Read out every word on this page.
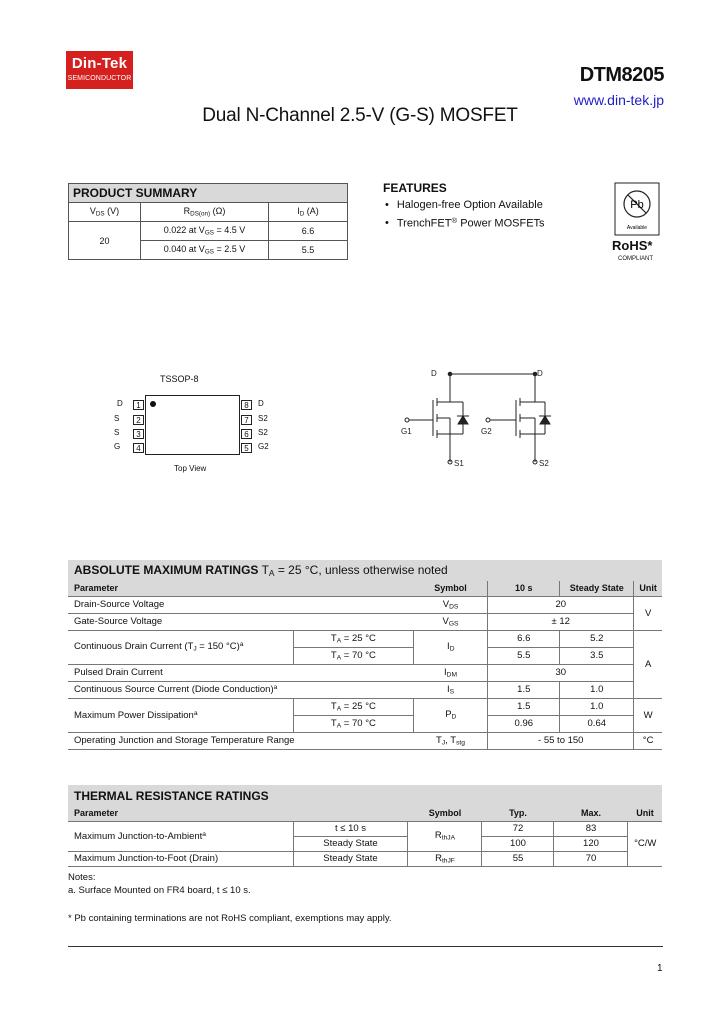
Din-Tek
SEMICONDUCTOR	DTM8205
www.din-tek.jp
Dual N-Channel 2.5-V (G-S) MOSFET
PRODUCT SUMMARY		
$V_{DS}$ (V)	$R_{DS(on)}$ (Ω)	$I_D$ (A)
20	0.022 at $V_{GS} = 4.5$ V	6.6
	0.040 at $V_{GS} = 2.5$ V	5.5
FEATURES
• Halogen-free Option Available
• TrenchFET® Power MOSFETs
Pb
Available
RoHS*
COMPLIANT
TSSOP-8
D	1
S	2
S	3
G	4
8	D
7	S2
6	S2
5	G2
Top View
D	D
G1	G2
S1	S2
ABSOLUTE MAXIMUM RATINGS $T_A = 25$ °C, unless otherwise noted					
Parameter		Symbol	10 s	Steady State	Unit
Drain-Source Voltage		$V_{DS}$	20		V
Gate-Source Voltage		$V_{GS}$	± 12		
Continuous Drain Current ($T_J = 150$ °C)$^a$	$T_A = 25$ °C	$I_D$	6.6	5.2	A
	$T_A = 70$ °C		5.5	3.5	
Pulsed Drain Current		$I_{DM}$	30		
Continuous Source Current (Diode Conduction)$^a$		$I_S$	1.5	1.0	
Maximum Power Dissipation$^a$	$T_A = 25$ °C	$P_D$	1.5	1.0	W
	$T_A = 70$ °C		0.96	0.64	
Operating Junction and Storage Temperature Range		$T_J$, $T_{stg}$	- 55 to 150		°C
THERMAL RESISTANCE RATINGS					
Parameter		Symbol	Typ.	Max.	Unit
Maximum Junction-to-Ambient$^a$	t ≤ 10 s	$R_{thJA}$	72	83	°C/W
	Steady State		100	120	
Maximum Junction-to-Foot (Drain)	Steady State	$R_{thJF}$	55	70	
Notes:
a. Surface Mounted on FR4 board, t ≤ 10 s.
* Pb containing terminations are not RoHS compliant, exemptions may apply.
1
